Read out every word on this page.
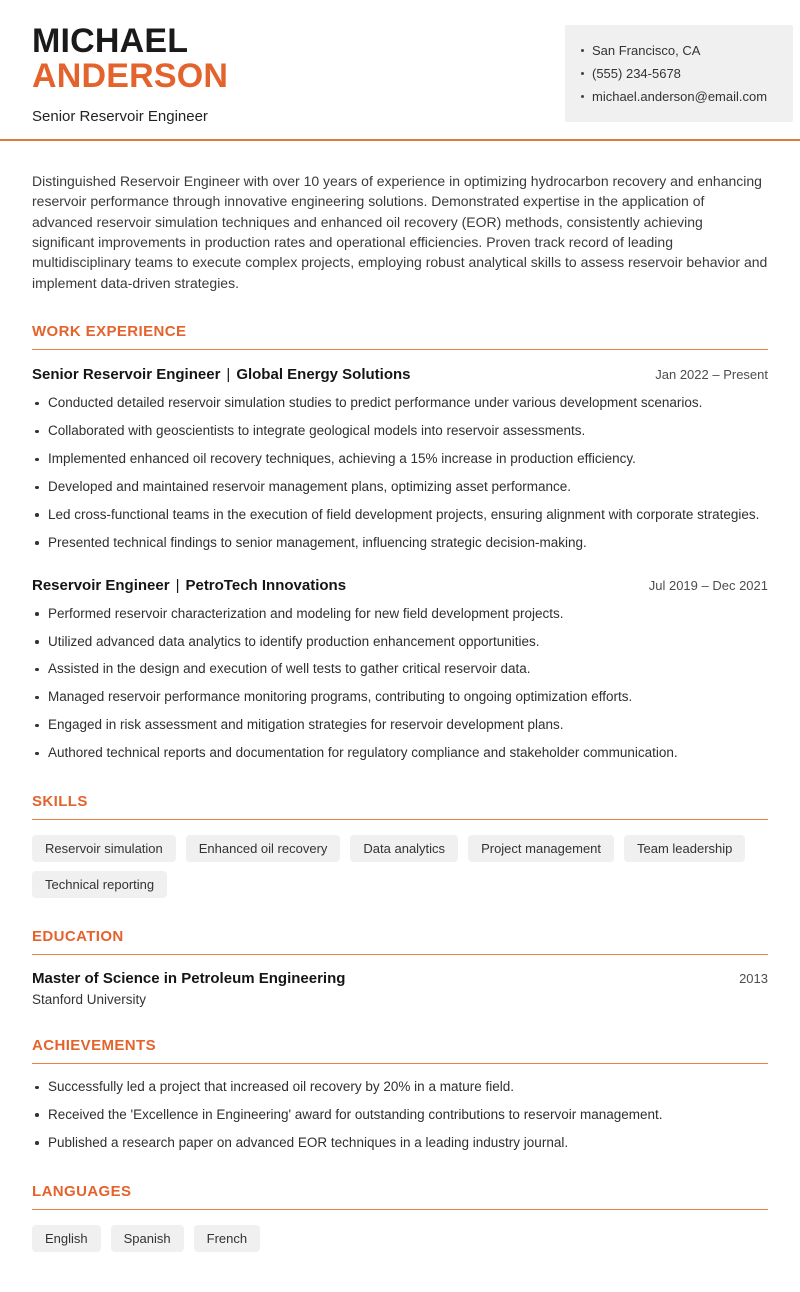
MICHAEL
ANDERSON
Senior Reservoir Engineer
San Francisco, CA
(555) 234-5678
michael.anderson@email.com

Distinguished Reservoir Engineer with over 10 years of experience in optimizing hydrocarbon recovery and enhancing reservoir performance through innovative engineering solutions. Demonstrated expertise in the application of advanced reservoir simulation techniques and enhanced oil recovery (EOR) methods, consistently achieving significant improvements in production rates and operational efficiencies. Proven track record of leading multidisciplinary teams to execute complex projects, employing robust analytical skills to assess reservoir behavior and implement data-driven strategies.

WORK EXPERIENCE
Senior Reservoir Engineer | Global Energy Solutions	Jan 2022 – Present
Conducted detailed reservoir simulation studies to predict performance under various development scenarios.
Collaborated with geoscientists to integrate geological models into reservoir assessments.
Implemented enhanced oil recovery techniques, achieving a 15% increase in production efficiency.
Developed and maintained reservoir management plans, optimizing asset performance.
Led cross-functional teams in the execution of field development projects, ensuring alignment with corporate strategies.
Presented technical findings to senior management, influencing strategic decision-making.
Reservoir Engineer | PetroTech Innovations	Jul 2019 – Dec 2021
Performed reservoir characterization and modeling for new field development projects.
Utilized advanced data analytics to identify production enhancement opportunities.
Assisted in the design and execution of well tests to gather critical reservoir data.
Managed reservoir performance monitoring programs, contributing to ongoing optimization efforts.
Engaged in risk assessment and mitigation strategies for reservoir development plans.
Authored technical reports and documentation for regulatory compliance and stakeholder communication.
SKILLS
Reservoir simulation	Enhanced oil recovery	Data analytics	Project management	Team leadership
Technical reporting
EDUCATION
Master of Science in Petroleum Engineering	2013
Stanford University
ACHIEVEMENTS
Successfully led a project that increased oil recovery by 20% in a mature field.
Received the 'Excellence in Engineering' award for outstanding contributions to reservoir management.
Published a research paper on advanced EOR techniques in a leading industry journal.
LANGUAGES
English	Spanish	French
